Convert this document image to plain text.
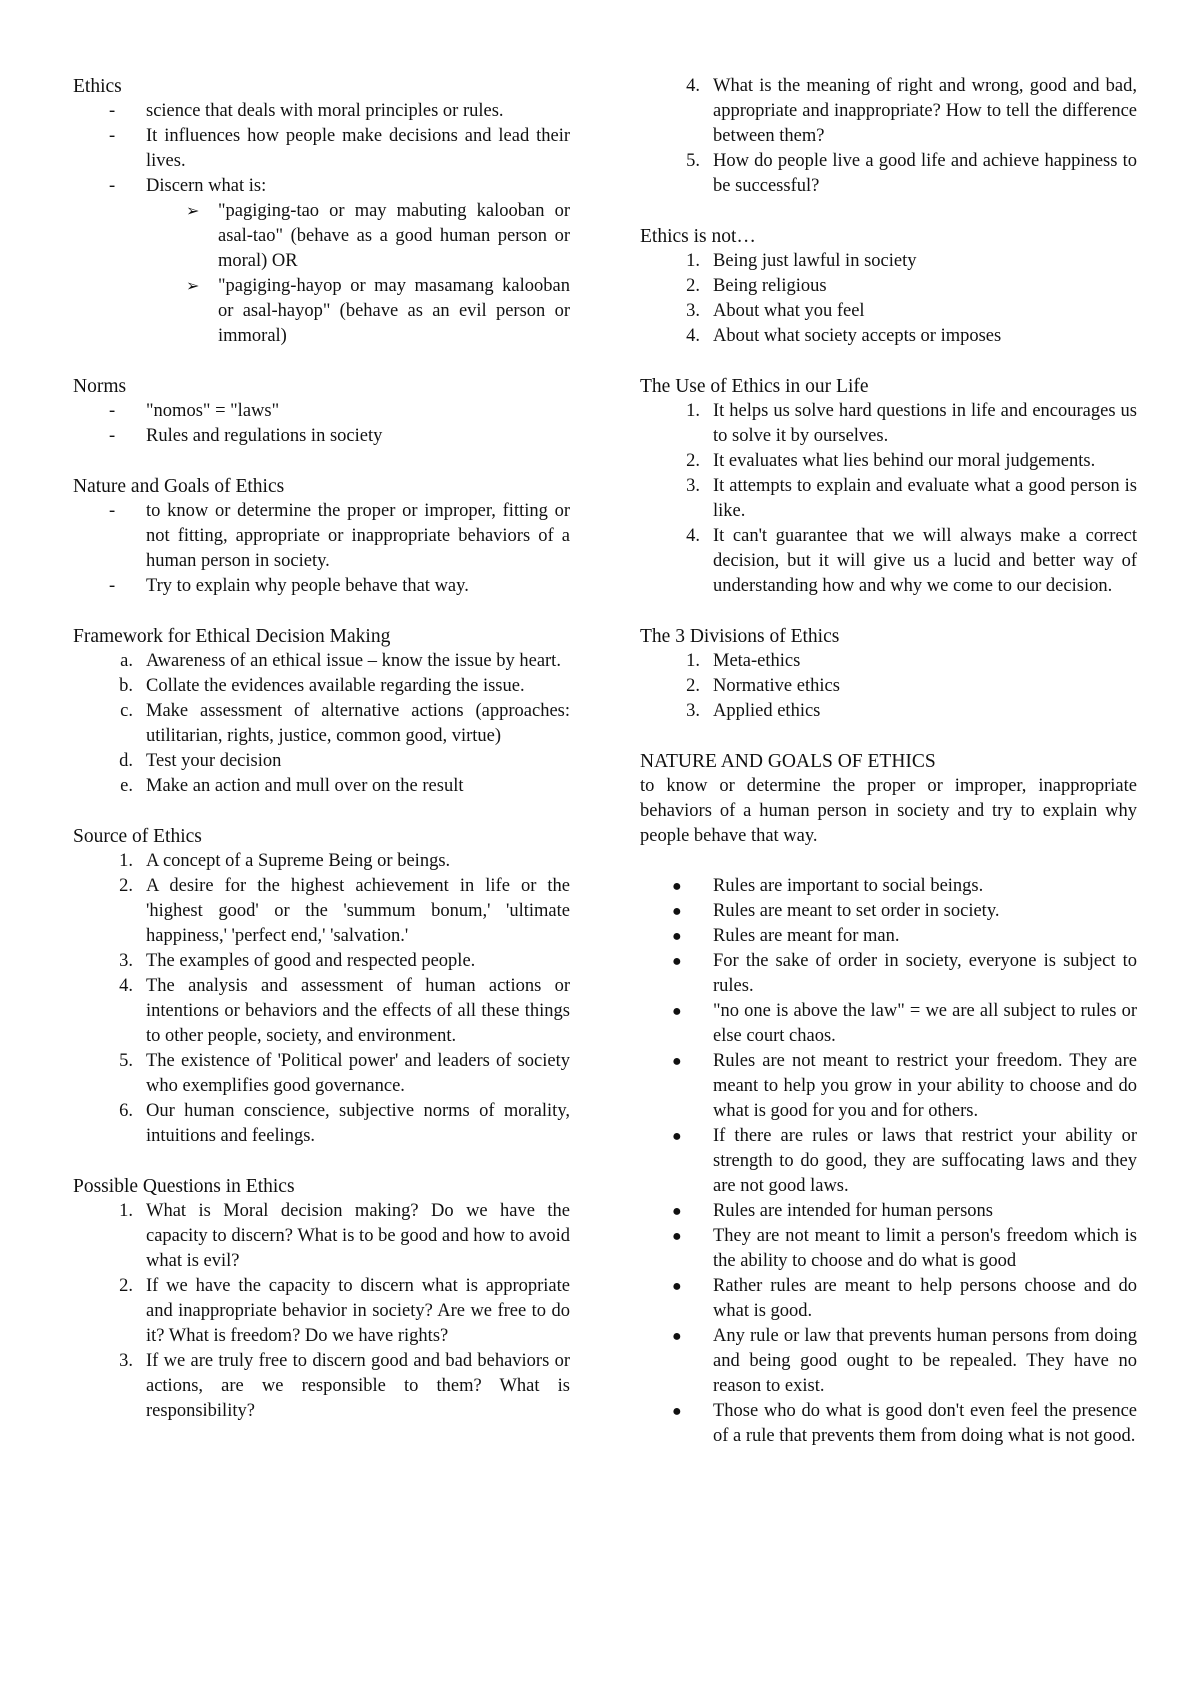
Ethics
-	science that deals with moral principles or rules.
-	It influences how people make decisions and lead their lives.
-	Discern what is:
➢ "pagiging-tao or may mabuting kalooban or asal-tao" (behave as a good human person or moral) OR
➢ "pagiging-hayop or may masamang kalooban or asal-hayop" (behave as an evil person or immoral)
Norms
-	"nomos" = "laws"
-	Rules and regulations in society
Nature and Goals of Ethics
-	to know or determine the proper or improper, fitting or not fitting, appropriate or inappropriate behaviors of a human person in society.
-	Try to explain why people behave that way.
Framework for Ethical Decision Making
a. Awareness of an ethical issue – know the issue by heart.
b. Collate the evidences available regarding the issue.
c. Make assessment of alternative actions (approaches: utilitarian, rights, justice, common good, virtue)
d. Test your decision
e. Make an action and mull over on the result
Source of Ethics
1. A concept of a Supreme Being or beings.
2. A desire for the highest achievement in life or the 'highest good' or the 'summum bonum,' 'ultimate happiness,' 'perfect end,' 'salvation.'
3. The examples of good and respected people.
4. The analysis and assessment of human actions or intentions or behaviors and the effects of all these things to other people, society, and environment.
5. The existence of 'Political power' and leaders of society who exemplifies good governance.
6. Our human conscience, subjective norms of morality, intuitions and feelings.
Possible Questions in Ethics
1. What is Moral decision making? Do we have the capacity to discern? What is to be good and how to avoid what is evil?
2. If we have the capacity to discern what is appropriate and inappropriate behavior in society? Are we free to do it? What is freedom? Do we have rights?
3. If we are truly free to discern good and bad behaviors or actions, are we responsible to them? What is responsibility?
4. What is the meaning of right and wrong, good and bad, appropriate and inappropriate? How to tell the difference between them?
5. How do people live a good life and achieve happiness to be successful?
Ethics is not…
1. Being just lawful in society
2. Being religious
3. About what you feel
4. About what society accepts or imposes
The Use of Ethics in our Life
1. It helps us solve hard questions in life and encourages us to solve it by ourselves.
2. It evaluates what lies behind our moral judgements.
3. It attempts to explain and evaluate what a good person is like.
4. It can't guarantee that we will always make a correct decision, but it will give us a lucid and better way of understanding how and why we come to our decision.
The 3 Divisions of Ethics
1. Meta-ethics
2. Normative ethics
3. Applied ethics
NATURE AND GOALS OF ETHICS

to know or determine the proper or improper, inappropriate behaviors of a human person in society and try to explain why people behave that way.

●	Rules are important to social beings.
●	Rules are meant to set order in society.
●	Rules are meant for man.
●	For the sake of order in society, everyone is subject to rules.
●	"no one is above the law" = we are all subject to rules or else court chaos.
●	Rules are not meant to restrict your freedom. They are meant to help you grow in your ability to choose and do what is good for you and for others.
●	If there are rules or laws that restrict your ability or strength to do good, they are suffocating laws and they are not good laws.
●	Rules are intended for human persons
●	They are not meant to limit a person's freedom which is the ability to choose and do what is good
●	Rather rules are meant to help persons choose and do what is good.
●	Any rule or law that prevents human persons from doing and being good ought to be repealed. They have no reason to exist.
●	Those who do what is good don't even feel the presence of a rule that prevents them from doing what is not good.
